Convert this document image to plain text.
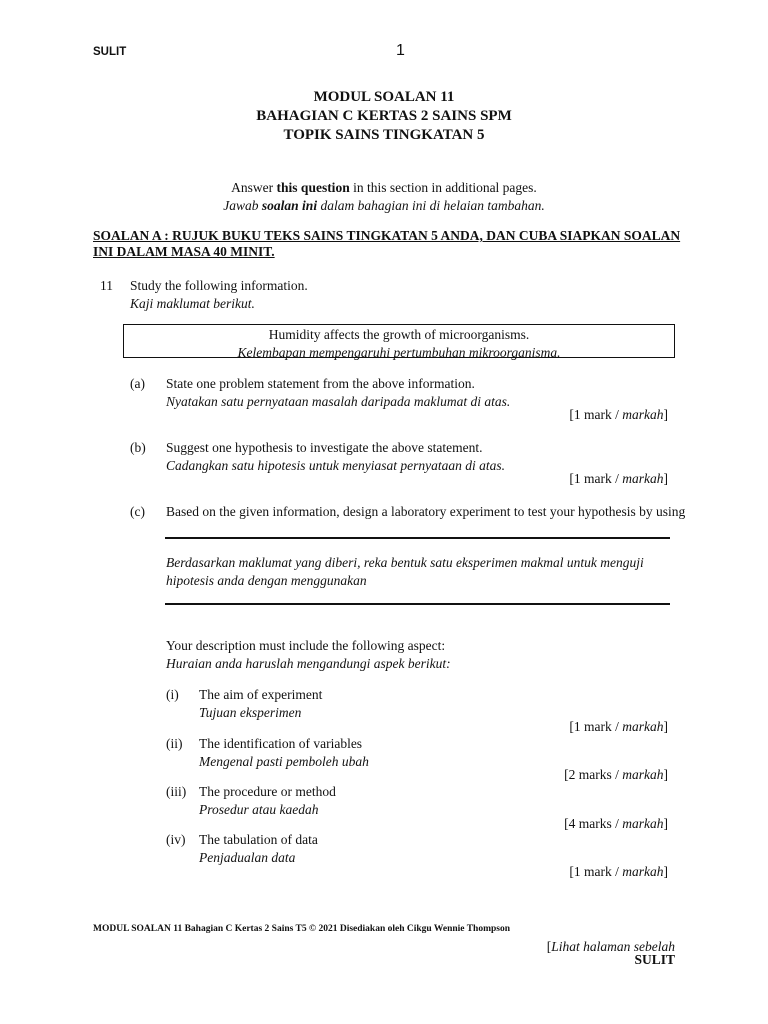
SULIT	1
MODUL SOALAN 11
BAHAGIAN C KERTAS 2 SAINS SPM
TOPIK SAINS TINGKATAN 5
Answer this question in this section in additional pages.
Jawab soalan ini dalam bahagian ini di helaian tambahan.
SOALAN A : RUJUK BUKU TEKS SAINS TINGKATAN 5 ANDA, DAN CUBA SIAPKAN SOALAN
INI DALAM MASA 40 MINIT.
11 Study the following information.
Kaji maklumat berikut.
Humidity affects the growth of microorganisms.
Kelembapan mempengaruhi pertumbuhan mikroorganisma.
(a) State one problem statement from the above information.
Nyatakan satu pernyataan masalah daripada maklumat di atas.
[1 mark / markah]
(b) Suggest one hypothesis to investigate the above statement.
Cadangkan satu hipotesis untuk menyiasat pernyataan di atas.
[1 mark / markah]
(c) Based on the given information, design a laboratory experiment to test your hypothesis by using
Berdasarkan maklumat yang diberi, reka bentuk satu eksperimen makmal untuk menguji
hipotesis anda dengan menggunakan
Your description must include the following aspect:
Huraian anda haruslah mengandungi aspek berikut:
(i) The aim of experiment
Tujuan eksperimen
[1 mark / markah]
(ii) The identification of variables
Mengenal pasti pemboleh ubah
[2 marks / markah]
(iii) The procedure or method
Prosedur atau kaedah
[4 marks / markah]
(iv) The tabulation of data
Penjadualan data
[1 mark / markah]
MODUL SOALAN 11 Bahagian C Kertas 2 Sains T5 © 2021 Disediakan oleh Cikgu Wennie Thompson
[Lihat halaman sebelah
SULIT
